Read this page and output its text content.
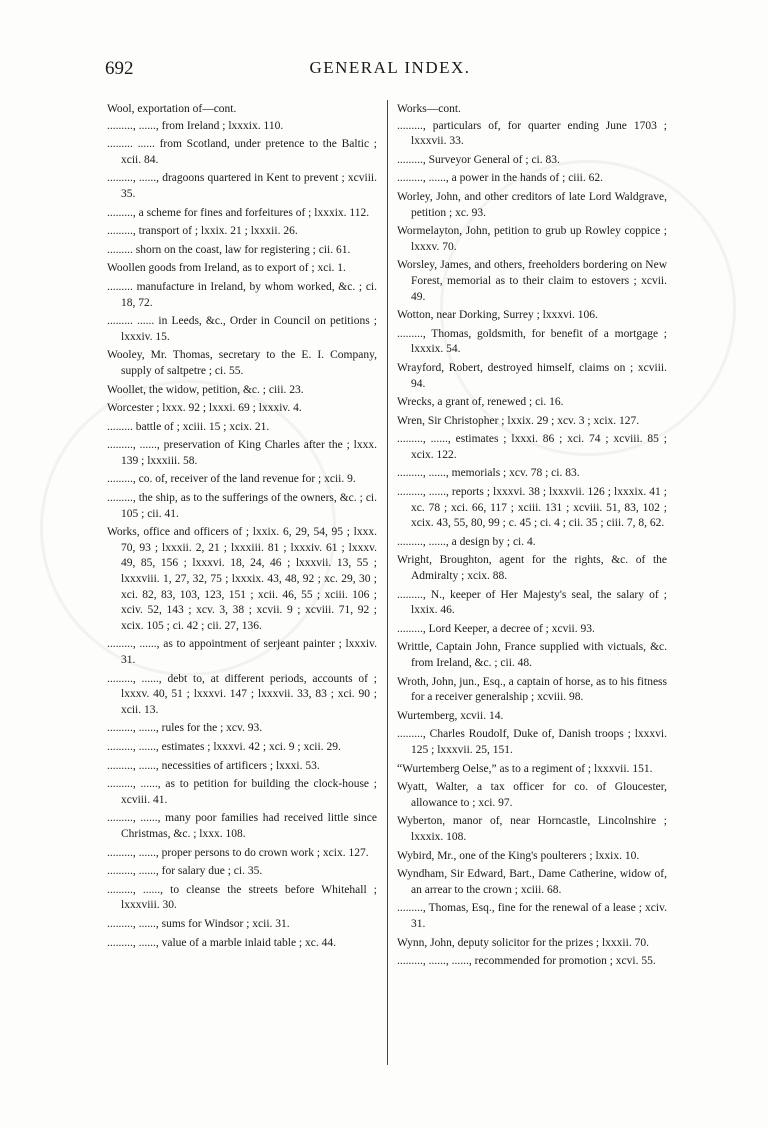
692	GENERAL INDEX.
Wool, exportation of—cont.
........., ......, from Ireland ; lxxxix. 110.
......... ...... from Scotland, under pretence to the Baltic ; xcii. 84.
........., ......, dragoons quartered in Kent to prevent ; xcviii. 35.
........., a scheme for fines and forfeitures of ; lxxxix. 112.
........., transport of ; lxxix. 21 ; lxxxii. 26.
......... shorn on the coast, law for registering ; cii. 61.
Woollen goods from Ireland, as to export of ; xci. 1.
......... manufacture in Ireland, by whom worked, &c. ; ci. 18, 72.
......... ...... in Leeds, &c., Order in Council on petitions ; lxxxiv. 15.
Wooley, Mr. Thomas, secretary to the E. I. Company, supply of saltpetre ; ci. 55.
Woollet, the widow, petition, &c. ; ciii. 23.
Worcester ; lxxx. 92 ; lxxxi. 69 ; lxxxiv. 4.
......... battle of ; xciii. 15 ; xcix. 21.
........., ......, preservation of King Charles after the ; lxxx. 139 ; lxxxiii. 58.
........., co. of, receiver of the land revenue for ; xcii. 9.
........., the ship, as to the sufferings of the owners, &c. ; ci. 105 ; cii. 41.
Works, office and officers of ; lxxix. 6, 29, 54, 95 ; lxxx. 70, 93 ; lxxxii. 2, 21 ; lxxxiii. 81 ; lxxxiv. 61 ; lxxxv. 49, 85, 156 ; lxxxvi. 18, 24, 46 ; lxxxvii. 13, 55 ; lxxxviii. 1, 27, 32, 75 ; lxxxix. 43, 48, 92 ; xc. 29, 30 ; xci. 82, 83, 103, 123, 151 ; xcii. 46, 55 ; xciii. 106 ; xciv. 52, 143 ; xcv. 3, 38 ; xcvii. 9 ; xcviii. 71, 92 ; xcix. 105 ; ci. 42 ; cii. 27, 136.
........., ......, as to appointment of serjeant painter ; lxxxiv. 31.
........., ......, debt to, at different periods, accounts of ; lxxxv. 40, 51 ; lxxxvi. 147 ; lxxxvii. 33, 83 ; xci. 90 ; xcii. 13.
........., ......, rules for the ; xcv. 93.
........., ......, estimates ; lxxxvi. 42 ; xci. 9 ; xcii. 29.
........., ......, necessities of artificers ; lxxxi. 53.
........., ......, as to petition for building the clock-house ; xcviii. 41.
........., ......, many poor families had received little since Christmas, &c. ; lxxx. 108.
........., ......, proper persons to do crown work ; xcix. 127.
........., ......, for salary due ; ci. 35.
........., ......, to cleanse the streets before Whitehall ; lxxxviii. 30.
........., ......, sums for Windsor ; xcii. 31.
........., ......, value of a marble inlaid table ; xc. 44.
Works—cont.
........., particulars of, for quarter ending June 1703 ; lxxxvii. 33.
........., Surveyor General of ; ci. 83.
........., ......, a power in the hands of ; ciii. 62.
Worley, John, and other creditors of late Lord Waldgrave, petition ; xc. 93.
Wormelayton, John, petition to grub up Rowley coppice ; lxxxv. 70.
Worsley, James, and others, freeholders bordering on New Forest, memorial as to their claim to estovers ; xcvii. 49.
Wotton, near Dorking, Surrey ; lxxxvi. 106.
........., Thomas, goldsmith, for benefit of a mortgage ; lxxxix. 54.
Wrayford, Robert, destroyed himself, claims on ; xcviii. 94.
Wrecks, a grant of, renewed ; ci. 16.
Wren, Sir Christopher ; lxxix. 29 ; xcv. 3 ; xcix. 127.
........., ......, estimates ; lxxxi. 86 ; xci. 74 ; xcviii. 85 ; xcix. 122.
........., ......, memorials ; xcv. 78 ; ci. 83.
........., ......, reports ; lxxxvi. 38 ; lxxxvii. 126 ; lxxxix. 41 ; xc. 78 ; xci. 66, 117 ; xciii. 131 ; xcviii. 51, 83, 102 ; xcix. 43, 55, 80, 99 ; c. 45 ; ci. 4 ; cii. 35 ; ciii. 7, 8, 62.
........., ......, a design by ; ci. 4.
Wright, Broughton, agent for the rights, &c. of the Admiralty ; xcix. 88.
........., N., keeper of Her Majesty's seal, the salary of ; lxxix. 46.
........., Lord Keeper, a decree of ; xcvii. 93.
Writtle, Captain John, France supplied with victuals, &c. from Ireland, &c. ; cii. 48.
Wroth, John, jun., Esq., a captain of horse, as to his fitness for a receiver generalship ; xcviii. 98.
Wurtemberg, xcvii. 14.
........., Charles Roudolf, Duke of, Danish troops ; lxxxvi. 125 ; lxxxvii. 25, 151.
“Wurtemberg Oelse,” as to a regiment of ; lxxxvii. 151.
Wyatt, Walter, a tax officer for co. of Gloucester, allowance to ; xci. 97.
Wyberton, manor of, near Horncastle, Lincolnshire ; lxxxix. 108.
Wybird, Mr., one of the King's poulterers ; lxxix. 10.
Wyndham, Sir Edward, Bart., Dame Catherine, widow of, an arrear to the crown ; xciii. 68.
........., Thomas, Esq., fine for the renewal of a lease ; xciv. 31.
Wynn, John, deputy solicitor for the prizes ; lxxxii. 70.
........., ......, ......, recommended for promotion ; xcvi. 55.
